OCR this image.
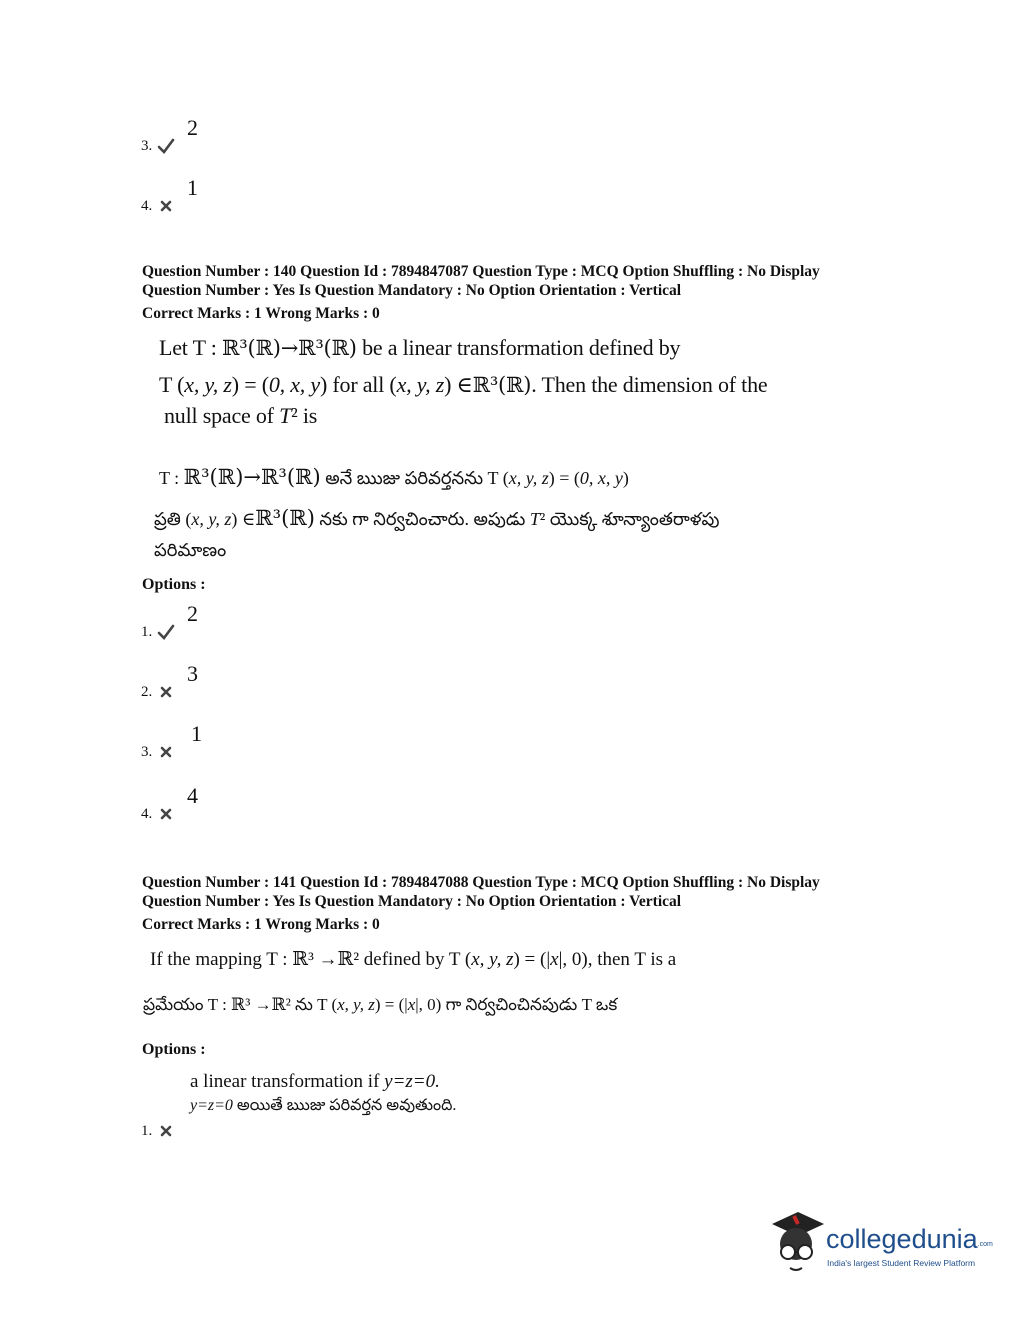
3.
2
4.
1
Question Number : 140 Question Id : 7894847087 Question Type : MCQ Option Shuffling : No Display
Question Number : Yes Is Question Mandatory : No Option Orientation : Vertical
Correct Marks : 1 Wrong Marks : 0
Let T : ℝ³(ℝ)→ℝ³(ℝ) be a linear transformation defined by
T (x, y, z) = (0, x, y) for all (x, y, z) ∈ℝ³(ℝ). Then the dimension of the
null space of T² is
T : ℝ³(ℝ)→ℝ³(ℝ) అనే ఋజు పరివర్తనను T (x, y, z) = (0, x, y)
ప్రతి (x, y, z) ∈ℝ³(ℝ) నకు గా నిర్వచించారు. అపుడు T² యొక్క శూన్యాంతరాళపు
పరిమాణం
Options :
1.
2
2.
3
3.
1
4.
4
Question Number : 141 Question Id : 7894847088 Question Type : MCQ Option Shuffling : No Display
Question Number : Yes Is Question Mandatory : No Option Orientation : Vertical
Correct Marks : 1 Wrong Marks : 0
If the mapping T : ℝ³ →ℝ² defined by T (x, y, z) = (|x|, 0), then T is a
ప్రమేయం T : ℝ³ →ℝ² ను T (x, y, z) = (|x|, 0) గా నిర్వచించినపుడు T ఒక
Options :
a linear transformation if y=z=0.
y=z=0 అయితే ఋజు పరివర్తన అవుతుంది.
1.
collegedunia.com
India's largest Student Review Platform
